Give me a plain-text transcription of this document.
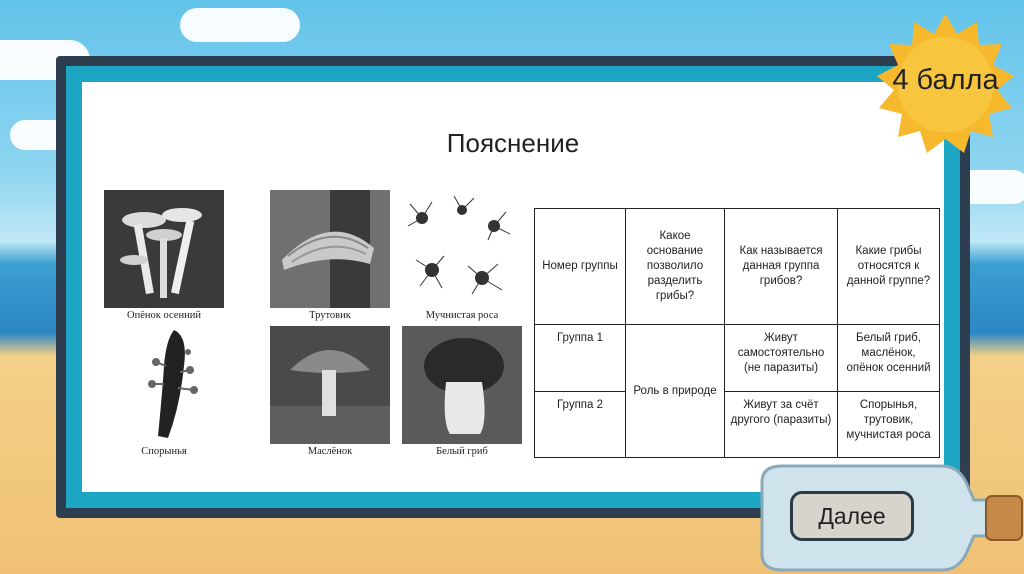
Пояснение
Опёнок осенний	Трутовик	Мучнистая роса
Спорынья	Маслёнок	Белый гриб
Номер группы	Какое основание позволило разделить грибы?	Как называется данная группа грибов?	Какие грибы относятся к данной группе?
Группа 1	Роль в природе	Живут самостоятельно (не паразиты)	Белый гриб, маслёнок, опёнок осенний
Группа 2		Живут за счёт другого (паразиты)	Спорынья, трутовик, мучнистая роса
4 балла
Далее
